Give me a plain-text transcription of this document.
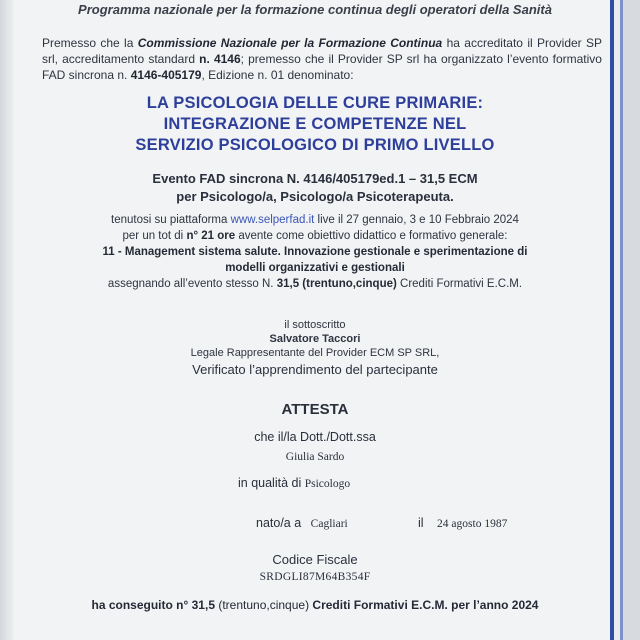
Programma nazionale per la formazione continua degli operatori della Sanità
Premesso che la Commissione Nazionale per la Formazione Continua ha accreditato il Provider SP srl, accreditamento standard n. 4146; premesso che il Provider SP srl ha organizzato l’evento formativo FAD sincrona n. 4146-405179, Edizione n. 01 denominato:
LA PSICOLOGIA DELLE CURE PRIMARIE:
INTEGRAZIONE E COMPETENZE NEL
SERVIZIO PSICOLOGICO DI PRIMO LIVELLO
Evento FAD sincrona N. 4146/405179ed.1 – 31,5 ECM
per Psicologo/a, Psicologo/a Psicoterapeuta.
tenutosi su piattaforma www.selperfad.it live il 27 gennaio, 3 e 10 Febbraio 2024
per un tot di n° 21 ore avente come obiettivo didattico e formativo generale:
11 - Management sistema salute. Innovazione gestionale e sperimentazione di
modelli organizzativi e gestionali
assegnando all’evento stesso N. 31,5 (trentuno,cinque) Crediti Formativi E.C.M.
il sottoscritto
Salvatore Taccori
Legale Rappresentante del Provider ECM SP SRL,
Verificato l’apprendimento del partecipante
ATTESTA
che il/la Dott./Dott.ssa
Giulia Sardo
in qualità di Psicologo
nato/a a Cagliari	il 24 agosto 1987
Codice Fiscale
SRDGLI87M64B354F
ha conseguito n° 31,5 (trentuno,cinque) Crediti Formativi E.C.M. per l’anno 2024
